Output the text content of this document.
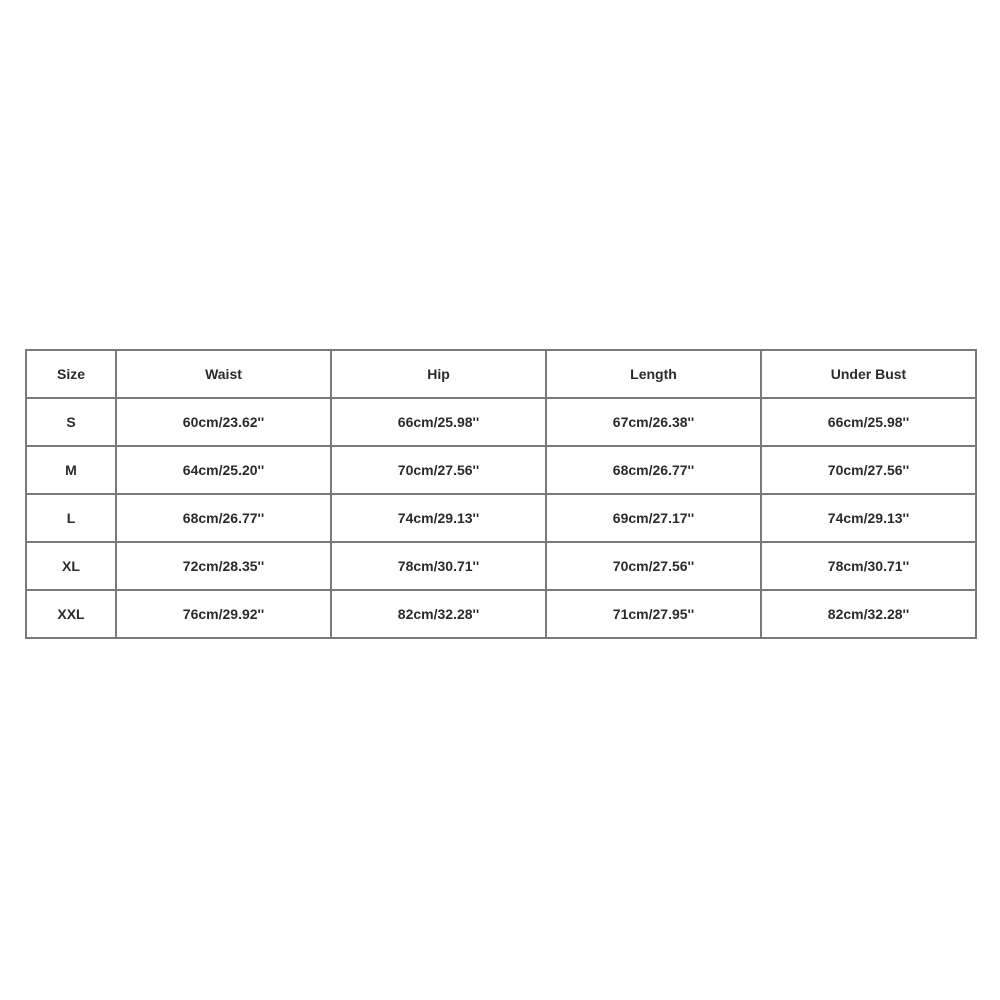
Size	Waist	Hip	Length	Under Bust
S	60cm/23.62''	66cm/25.98''	67cm/26.38''	66cm/25.98''
M	64cm/25.20''	70cm/27.56''	68cm/26.77''	70cm/27.56''
L	68cm/26.77''	74cm/29.13''	69cm/27.17''	74cm/29.13''
XL	72cm/28.35''	78cm/30.71''	70cm/27.56''	78cm/30.71''
XXL	76cm/29.92''	82cm/32.28''	71cm/27.95''	82cm/32.28''
